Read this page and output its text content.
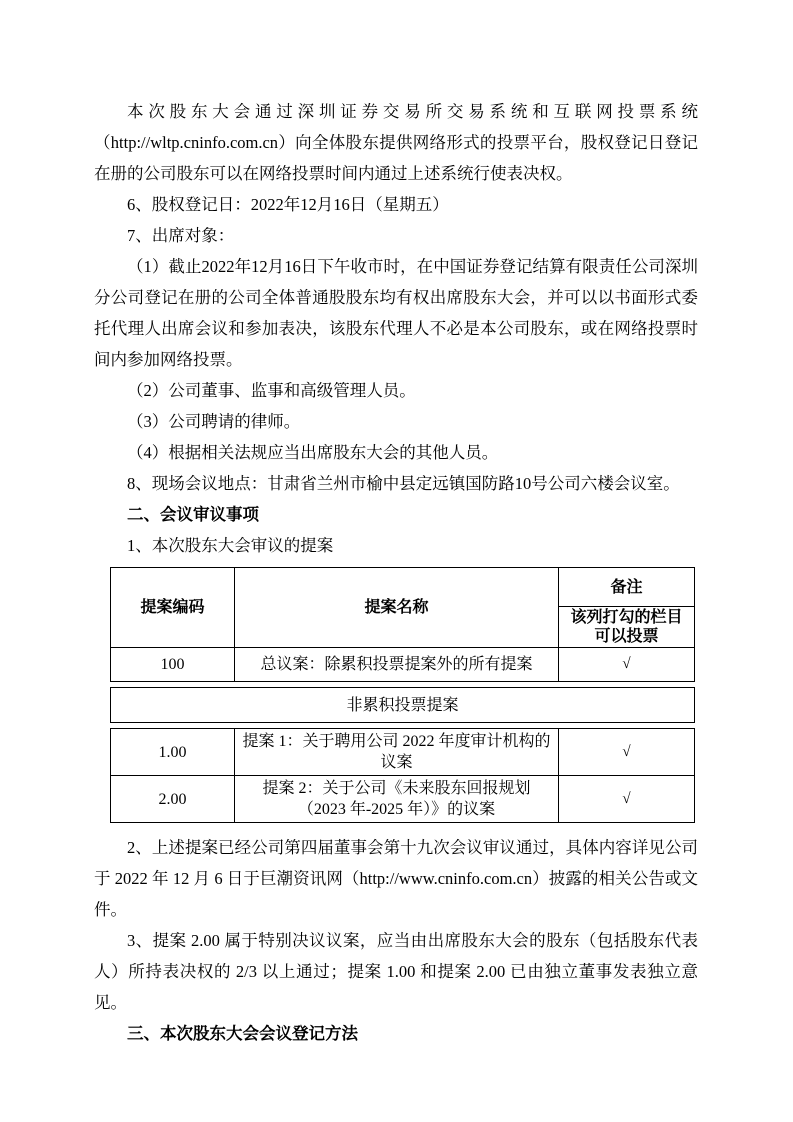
本次股东大会通过深圳证券交易所交易系统和互联网投票系统（http://wltp.cninfo.com.cn）向全体股东提供网络形式的投票平台，股权登记日登记在册的公司股东可以在网络投票时间内通过上述系统行使表决权。

6、股权登记日：2022年12月16日（星期五）

7、出席对象：

（1）截止2022年12月16日下午收市时，在中国证券登记结算有限责任公司深圳分公司登记在册的公司全体普通股股东均有权出席股东大会，并可以以书面形式委托代理人出席会议和参加表决，该股东代理人不必是本公司股东，或在网络投票时间内参加网络投票。

（2）公司董事、监事和高级管理人员。

（3）公司聘请的律师。

（4）根据相关法规应当出席股东大会的其他人员。

8、现场会议地点：甘肃省兰州市榆中县定远镇国防路10号公司六楼会议室。

二、会议审议事项

1、本次股东大会审议的提案

提案编码	提案名称	备注
		该列打勾的栏目可以投票
100	总议案：除累积投票提案外的所有提案	√
非累积投票提案
1.00	提案 1：关于聘用公司 2022 年度审计机构的议案	√
2.00	提案 2：关于公司《未来股东回报规划（2023 年-2025 年）》的议案	√

2、上述提案已经公司第四届董事会第十九次会议审议通过，具体内容详见公司于 2022 年 12 月 6 日于巨潮资讯网（http://www.cninfo.com.cn）披露的相关公告或文件。

3、提案 2.00 属于特别决议议案，应当由出席股东大会的股东（包括股东代表人）所持表决权的 2/3 以上通过；提案 1.00 和提案 2.00 已由独立董事发表独立意见。

三、本次股东大会会议登记方法
